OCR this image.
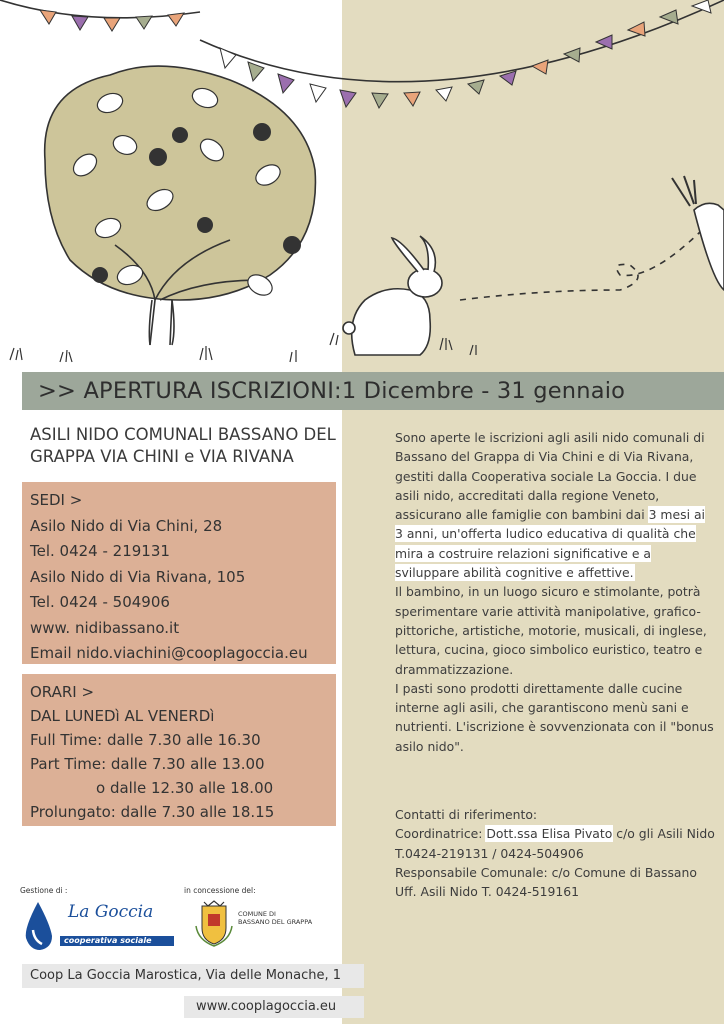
>> APERTURA ISCRIZIONI:1 Dicembre - 31 gennaio
ASILI NIDO COMUNALI BASSANO DEL
GRAPPA VIA CHINI e VIA RIVANA
SEDI >
Asilo Nido di Via Chini, 28
Tel. 0424 - 219131
Asilo Nido di Via Rivana, 105
Tel. 0424 - 504906
www. nidibassano.it
Email nido.viachini@cooplagoccia.eu
ORARI >
DAL LUNEDì AL VENERDì
Full Time: dalle 7.30 alle 16.30
Part Time: dalle 7.30 alle 13.00
o dalle 12.30 alle 18.00
Prolungato: dalle 7.30 alle 18.15

Sono aperte le iscrizioni agli asili nido comunali di Bassano del Grappa di Via Chini e di Via Rivana, gestiti dalla Cooperativa sociale La Goccia. I due asili nido, accreditati dalla regione Veneto, assicurano alle famiglie con bambini dai 3 mesi ai 3 anni, un'offerta ludico educativa di qualità che mira a costruire relazioni significative e a sviluppare abilità cognitive e affettive.

Il bambino, in un luogo sicuro e stimolante, potrà sperimentare varie attività manipolative, grafico-pittoriche, artistiche, motorie, musicali, di inglese, lettura, cucina, gioco simbolico euristico, teatro e drammatizzazione.

I pasti sono prodotti direttamente dalle cucine interne agli asili, che garantiscono menù sani e nutrienti. L'iscrizione è sovvenzionata con il "bonus asilo nido".

Contatti di riferimento:
Coordinatrice: Dott.ssa Elisa Pivato c/o gli Asili Nido T.0424-219131 / 0424-504906
Responsabile Comunale: c/o Comune di Bassano Uff. Asili Nido T. 0424-519161
Gestione di :
La Goccia
cooperativa sociale
in concessione del:
COMUNE DI
BASSANO DEL GRAPPA
Coop La Goccia Marostica, Via delle Monache, 1
www.cooplagoccia.eu
